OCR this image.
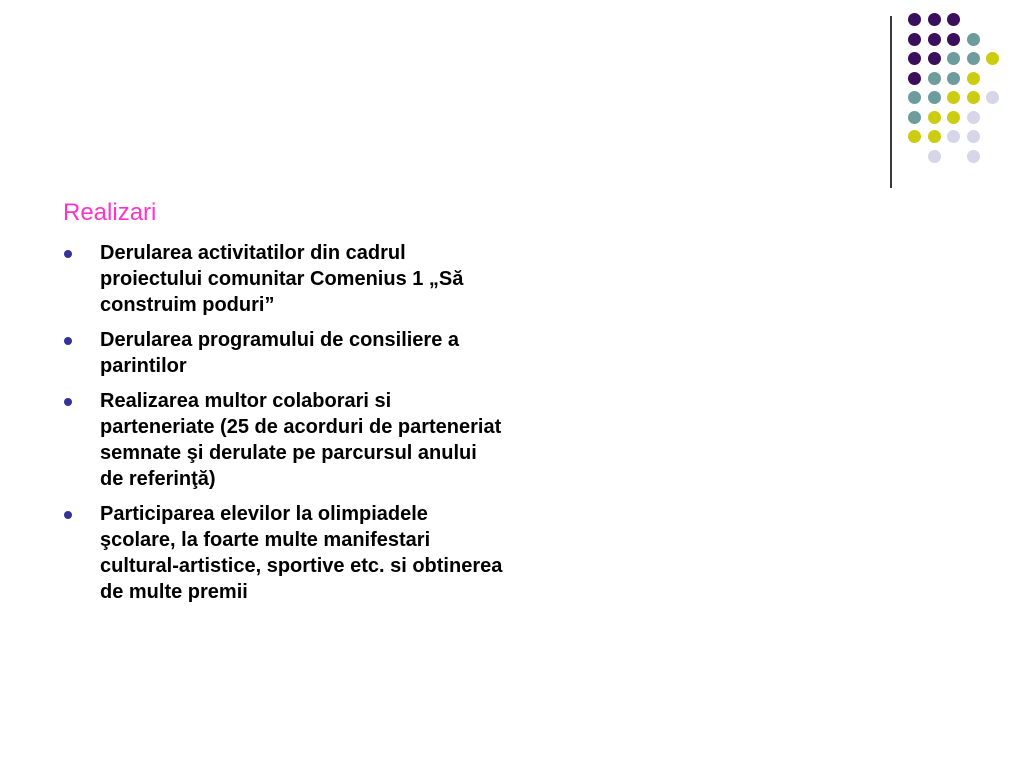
Realizari
Derularea activitatilor din cadrul proiectului comunitar Comenius 1 „Să construim poduri”
Derularea programului de consiliere a parintilor
Realizarea multor colaborari si parteneriate (25 de acorduri de parteneriat semnate şi derulate pe parcursul anului de referinţă)
Participarea elevilor la olimpiadele şcolare, la foarte multe manifestari cultural-artistice, sportive etc. si obtinerea de multe premii
